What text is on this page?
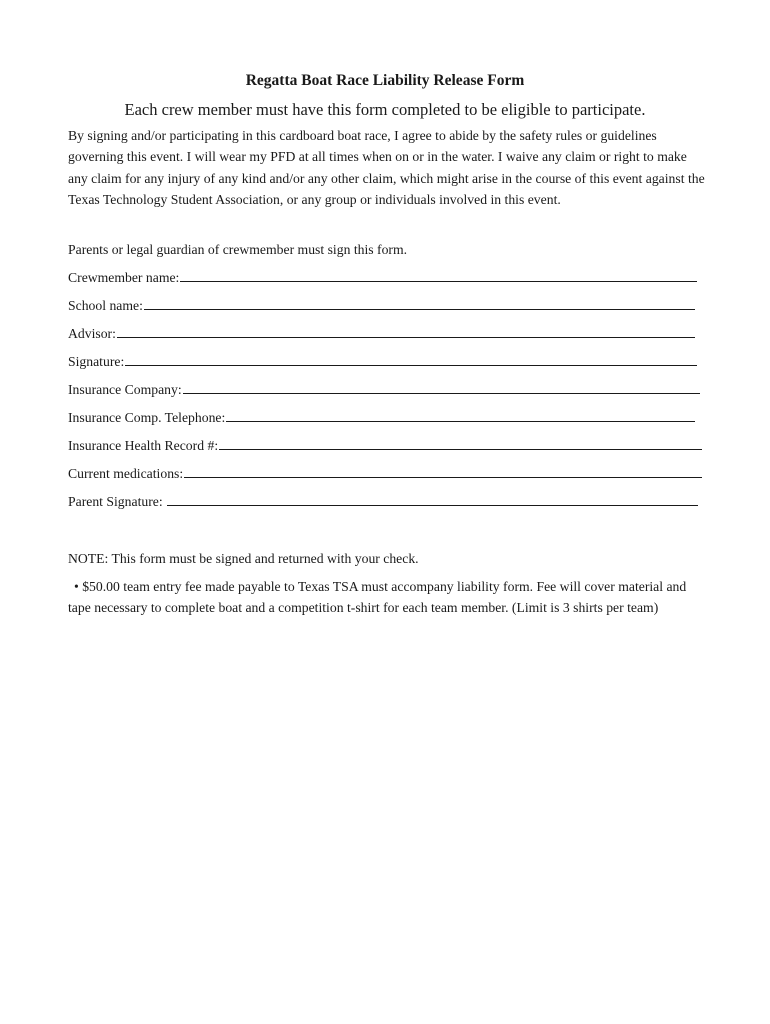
Regatta Boat Race Liability Release Form
Each crew member must have this form completed to be eligible to participate.

By signing and/or participating in this cardboard boat race, I agree to abide by the safety rules or guidelines governing this event. I will wear my PFD at all times when on or in the water. I waive any claim or right to make any claim for any injury of any kind and/or any other claim, which might arise in the course of this event against the Texas Technology Student Association, or any group or individuals involved in this event.

Parents or legal guardian of crewmember must sign this form.

Crewmember name:
School name:
Advisor:
Signature:
Insurance Company:
Insurance Comp. Telephone:
Insurance Health Record #:
Current medications:
Parent Signature:

NOTE: This form must be signed and returned with your check.

• $50.00 team entry fee made payable to Texas TSA must accompany liability form. Fee will cover material and tape necessary to complete boat and a competition t-shirt for each team member. (Limit is 3 shirts per team)
